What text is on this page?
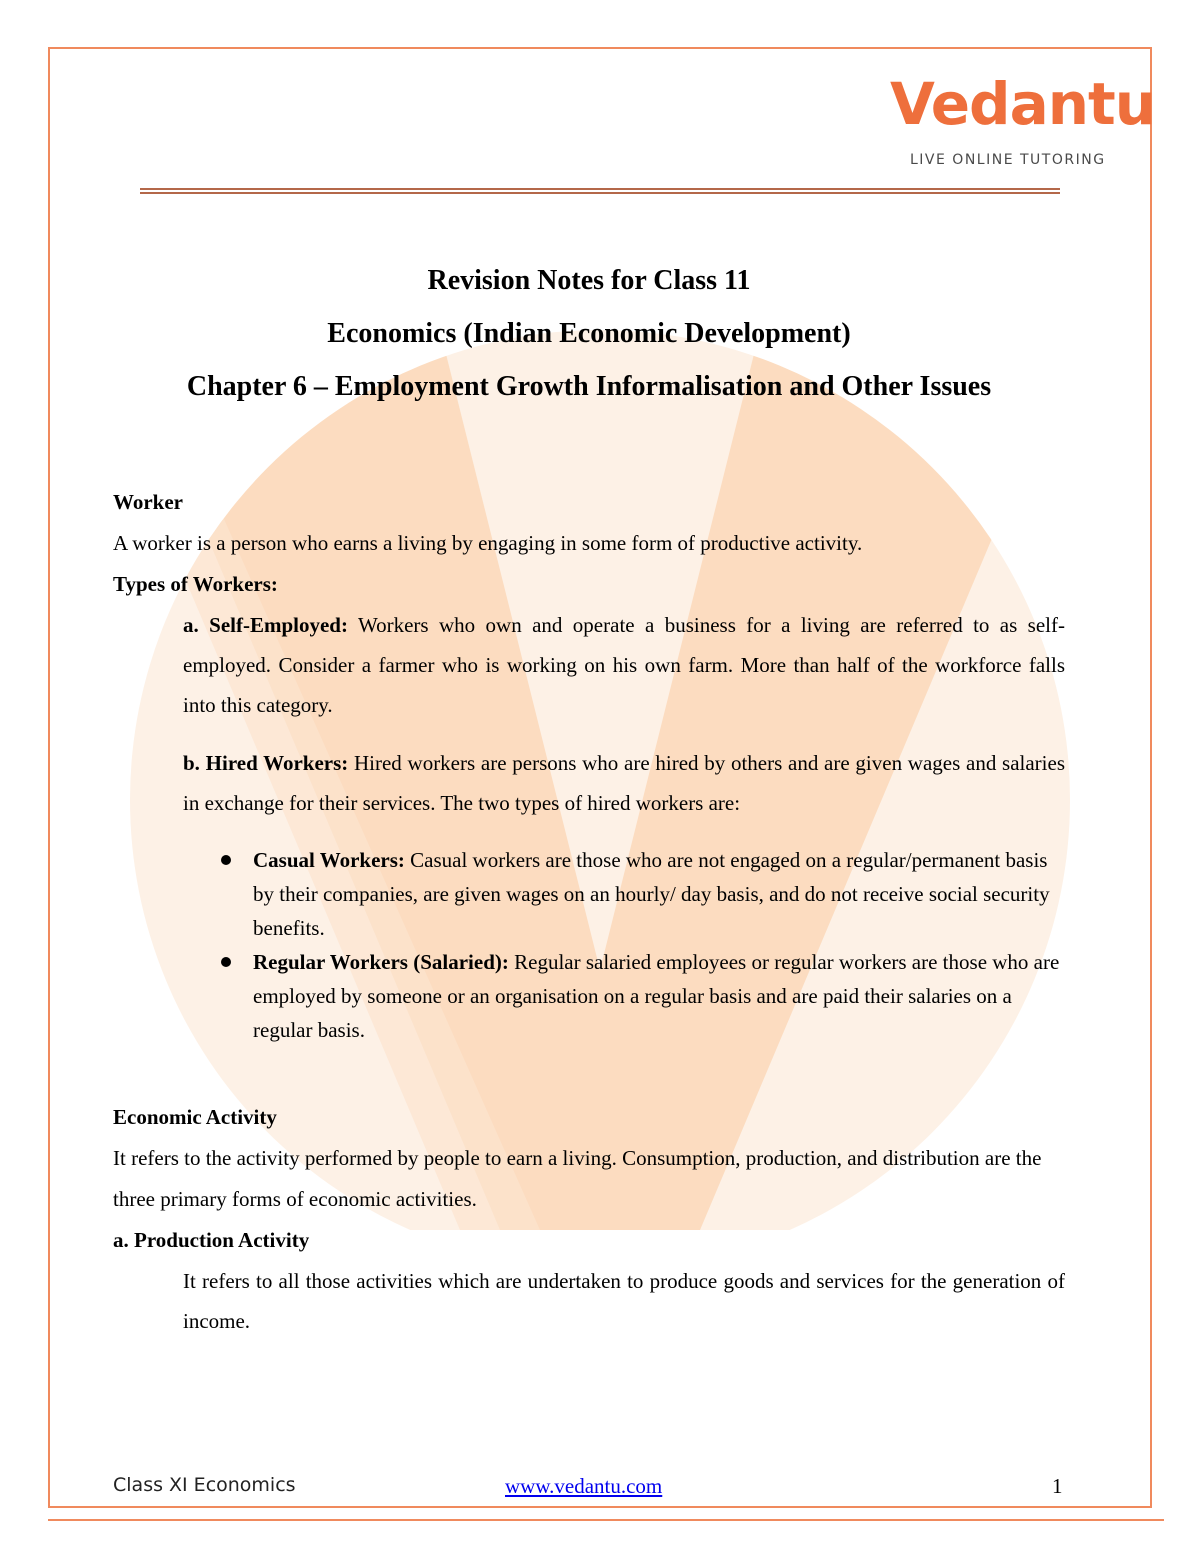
Vedantu
LIVE ONLINE TUTORING

Revision Notes for Class 11

Economics (Indian Economic Development)

Chapter 6 – Employment Growth Informalisation and Other Issues

Worker

A worker is a person who earns a living by engaging in some form of productive activity.

Types of Workers:

a. Self-Employed: Workers who own and operate a business for a living are referred to as self-employed. Consider a farmer who is working on his own farm. More than half of the workforce falls into this category.

b. Hired Workers: Hired workers are persons who are hired by others and are given wages and salaries in exchange for their services. The two types of hired workers are:

Casual Workers: Casual workers are those who are not engaged on a regular/permanent basis by their companies, are given wages on an hourly/ day basis, and do not receive social security benefits.
Regular Workers (Salaried): Regular salaried employees or regular workers are those who are employed by someone or an organisation on a regular basis and are paid their salaries on a regular basis.

Economic Activity

It refers to the activity performed by people to earn a living. Consumption, production, and distribution are the three primary forms of economic activities.

a. Production Activity

It refers to all those activities which are undertaken to produce goods and services for the generation of income.

Class XI Economics	www.vedantu.com	1
